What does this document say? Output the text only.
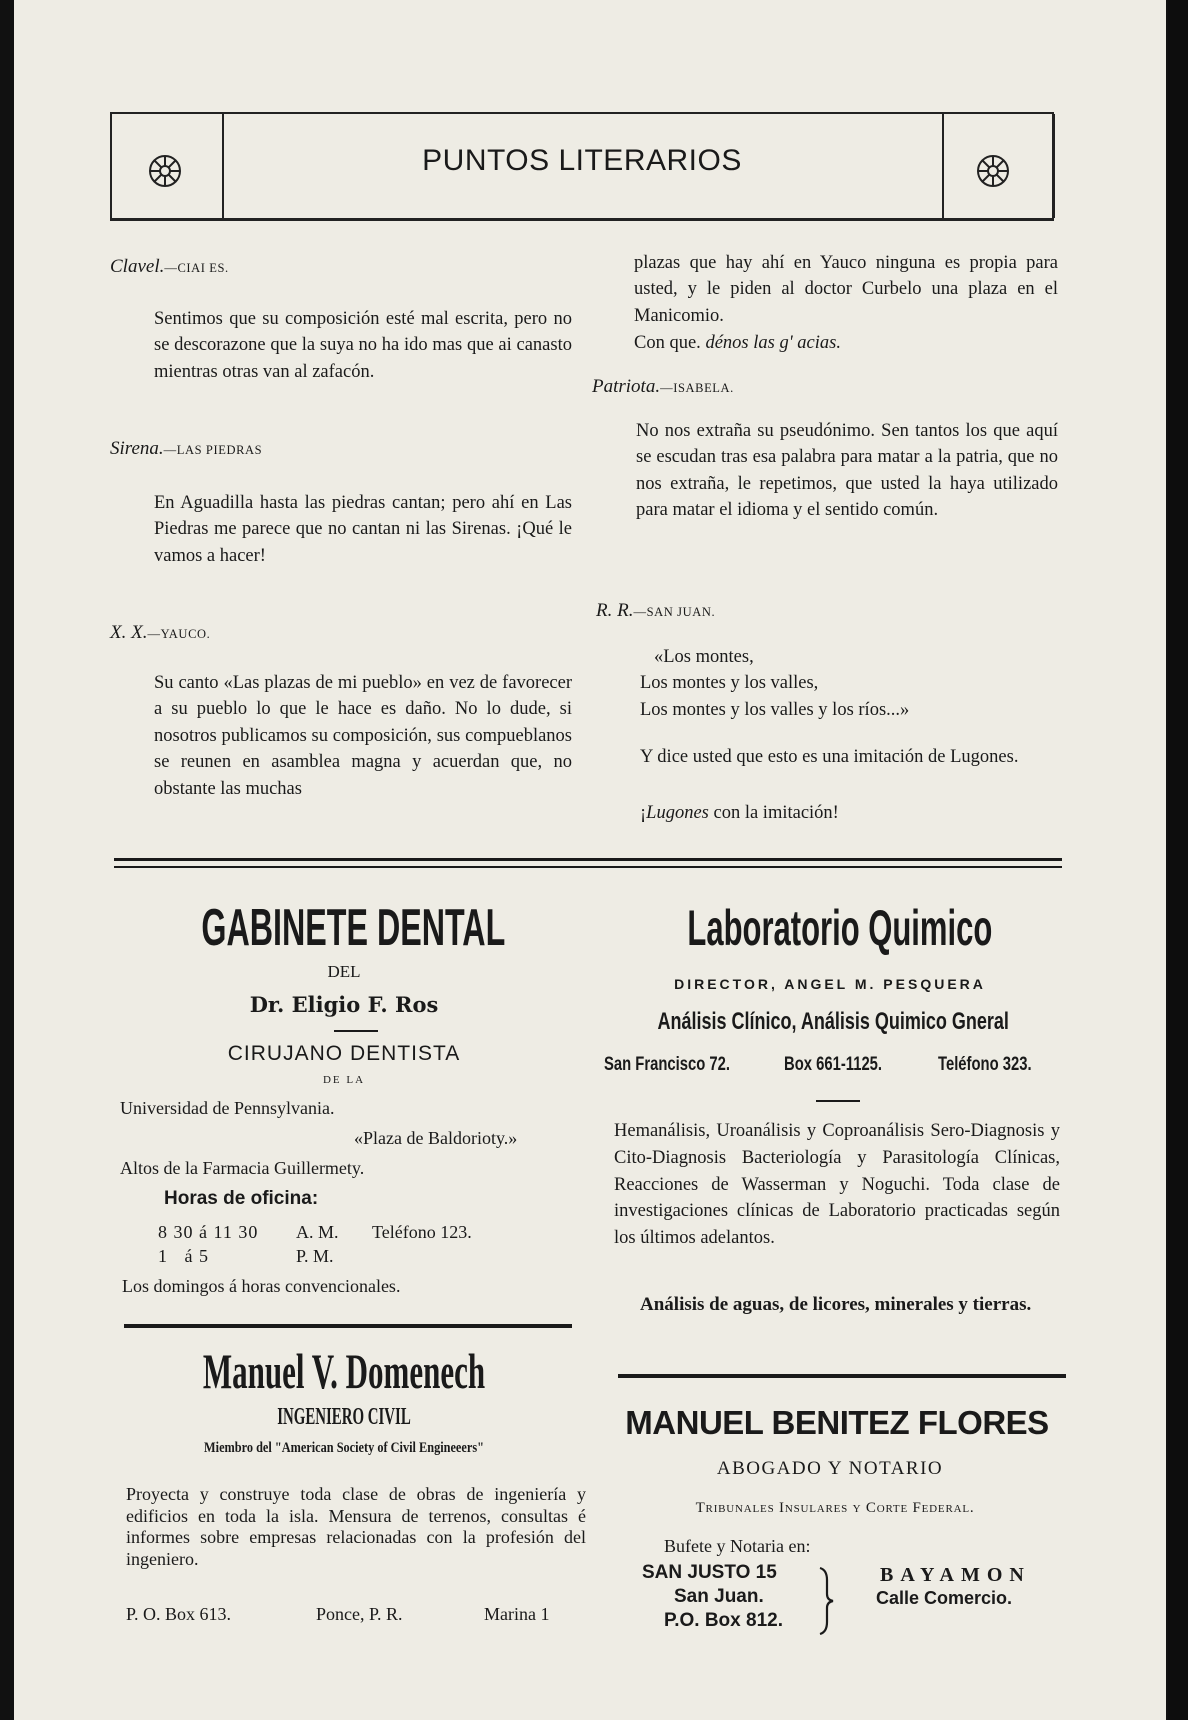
PUNTOS LITERARIOS
Clavel.—CIAI ES.
Sentimos que su composición esté mal escrita, pero no se descorazone que la suya no ha ido mas que ai canasto mientras otras van al zafacón.
Sirena.—LAS PIEDRAS
En Aguadilla hasta las piedras cantan; pero ahí en Las Piedras me parece que no cantan ni las Sirenas. ¡Qué le vamos a hacer!
X. X.—YAUCO.
Su canto «Las plazas de mi pueblo» en vez de favorecer a su pueblo lo que le hace es daño. No lo dude, si nosotros publicamos su composición, sus compueblanos se reunen en asamblea magna y acuerdan que, no obstante las muchas
plazas que hay ahí en Yauco ninguna es propia para usted, y le piden al doctor Curbelo una plaza en el Manicomio.
Con que. dénos las g' acias.
Patriota.—ISABELA.
No nos extraña su pseudónimo. Sen tantos los que aquí se escudan tras esa palabra para matar a la patria, que no nos extraña, le repetimos, que usted la haya utilizado para matar el idioma y el sentido común.
R. R.—SAN JUAN.
«Los montes,
Los montes y los valles,
Los montes y los valles y los ríos...»
Y dice usted que esto es una imitación de Lugones.
¡Lugones con la imitación!
GABINETE DENTAL
DEL
Dr. Eligio F. Ros
CIRUJANO DENTISTA
DE LA
Universidad de Pennsylvania.
«Plaza de Baldorioty.»
Altos de la Farmacia Guillermety.
Horas de oficina:
8 30 á 11 30 A. M. Teléfono 123.
1   á 5	P. M.
Los domingos á horas convencionales.
Manuel V. Domenech
INGENIERO CIVIL
Miembro del "American Society of Civil Engineeers"
Proyecta y construye toda clase de obras de ingeniería y edificios en toda la isla. Mensura de terrenos, consultas é informes sobre empresas relacionadas con la profesión del ingeniero.
P. O. Box 613.	Ponce, P. R.	Marina 1
Laboratorio Quimico
DIRECTOR, ANGEL M. PESQUERA
Análisis Clínico, Análisis Quimico Gneral
San Francisco 72.	Box 661-1125.	Teléfono 323.
Hemanálisis, Uroanálisis y Coproanálisis Sero-Diagnosis y Cito-Diagnosis Bacteriología y Parasitología Clínicas, Reacciones de Wasserman y Noguchi. Toda clase de investigaciones clínicas de Laboratorio practicadas según los últimos adelantos.
Análisis de aguas, de licores, minerales y tierras.
MANUEL BENITEZ FLORES
ABOGADO Y NOTARIO
Tribunales Insulares y Corte Federal.
Bufete y Notaria en:
SAN JUSTO 15
San Juan.
P.O. Box 812.
BAYAMON
Calle Comercio.
